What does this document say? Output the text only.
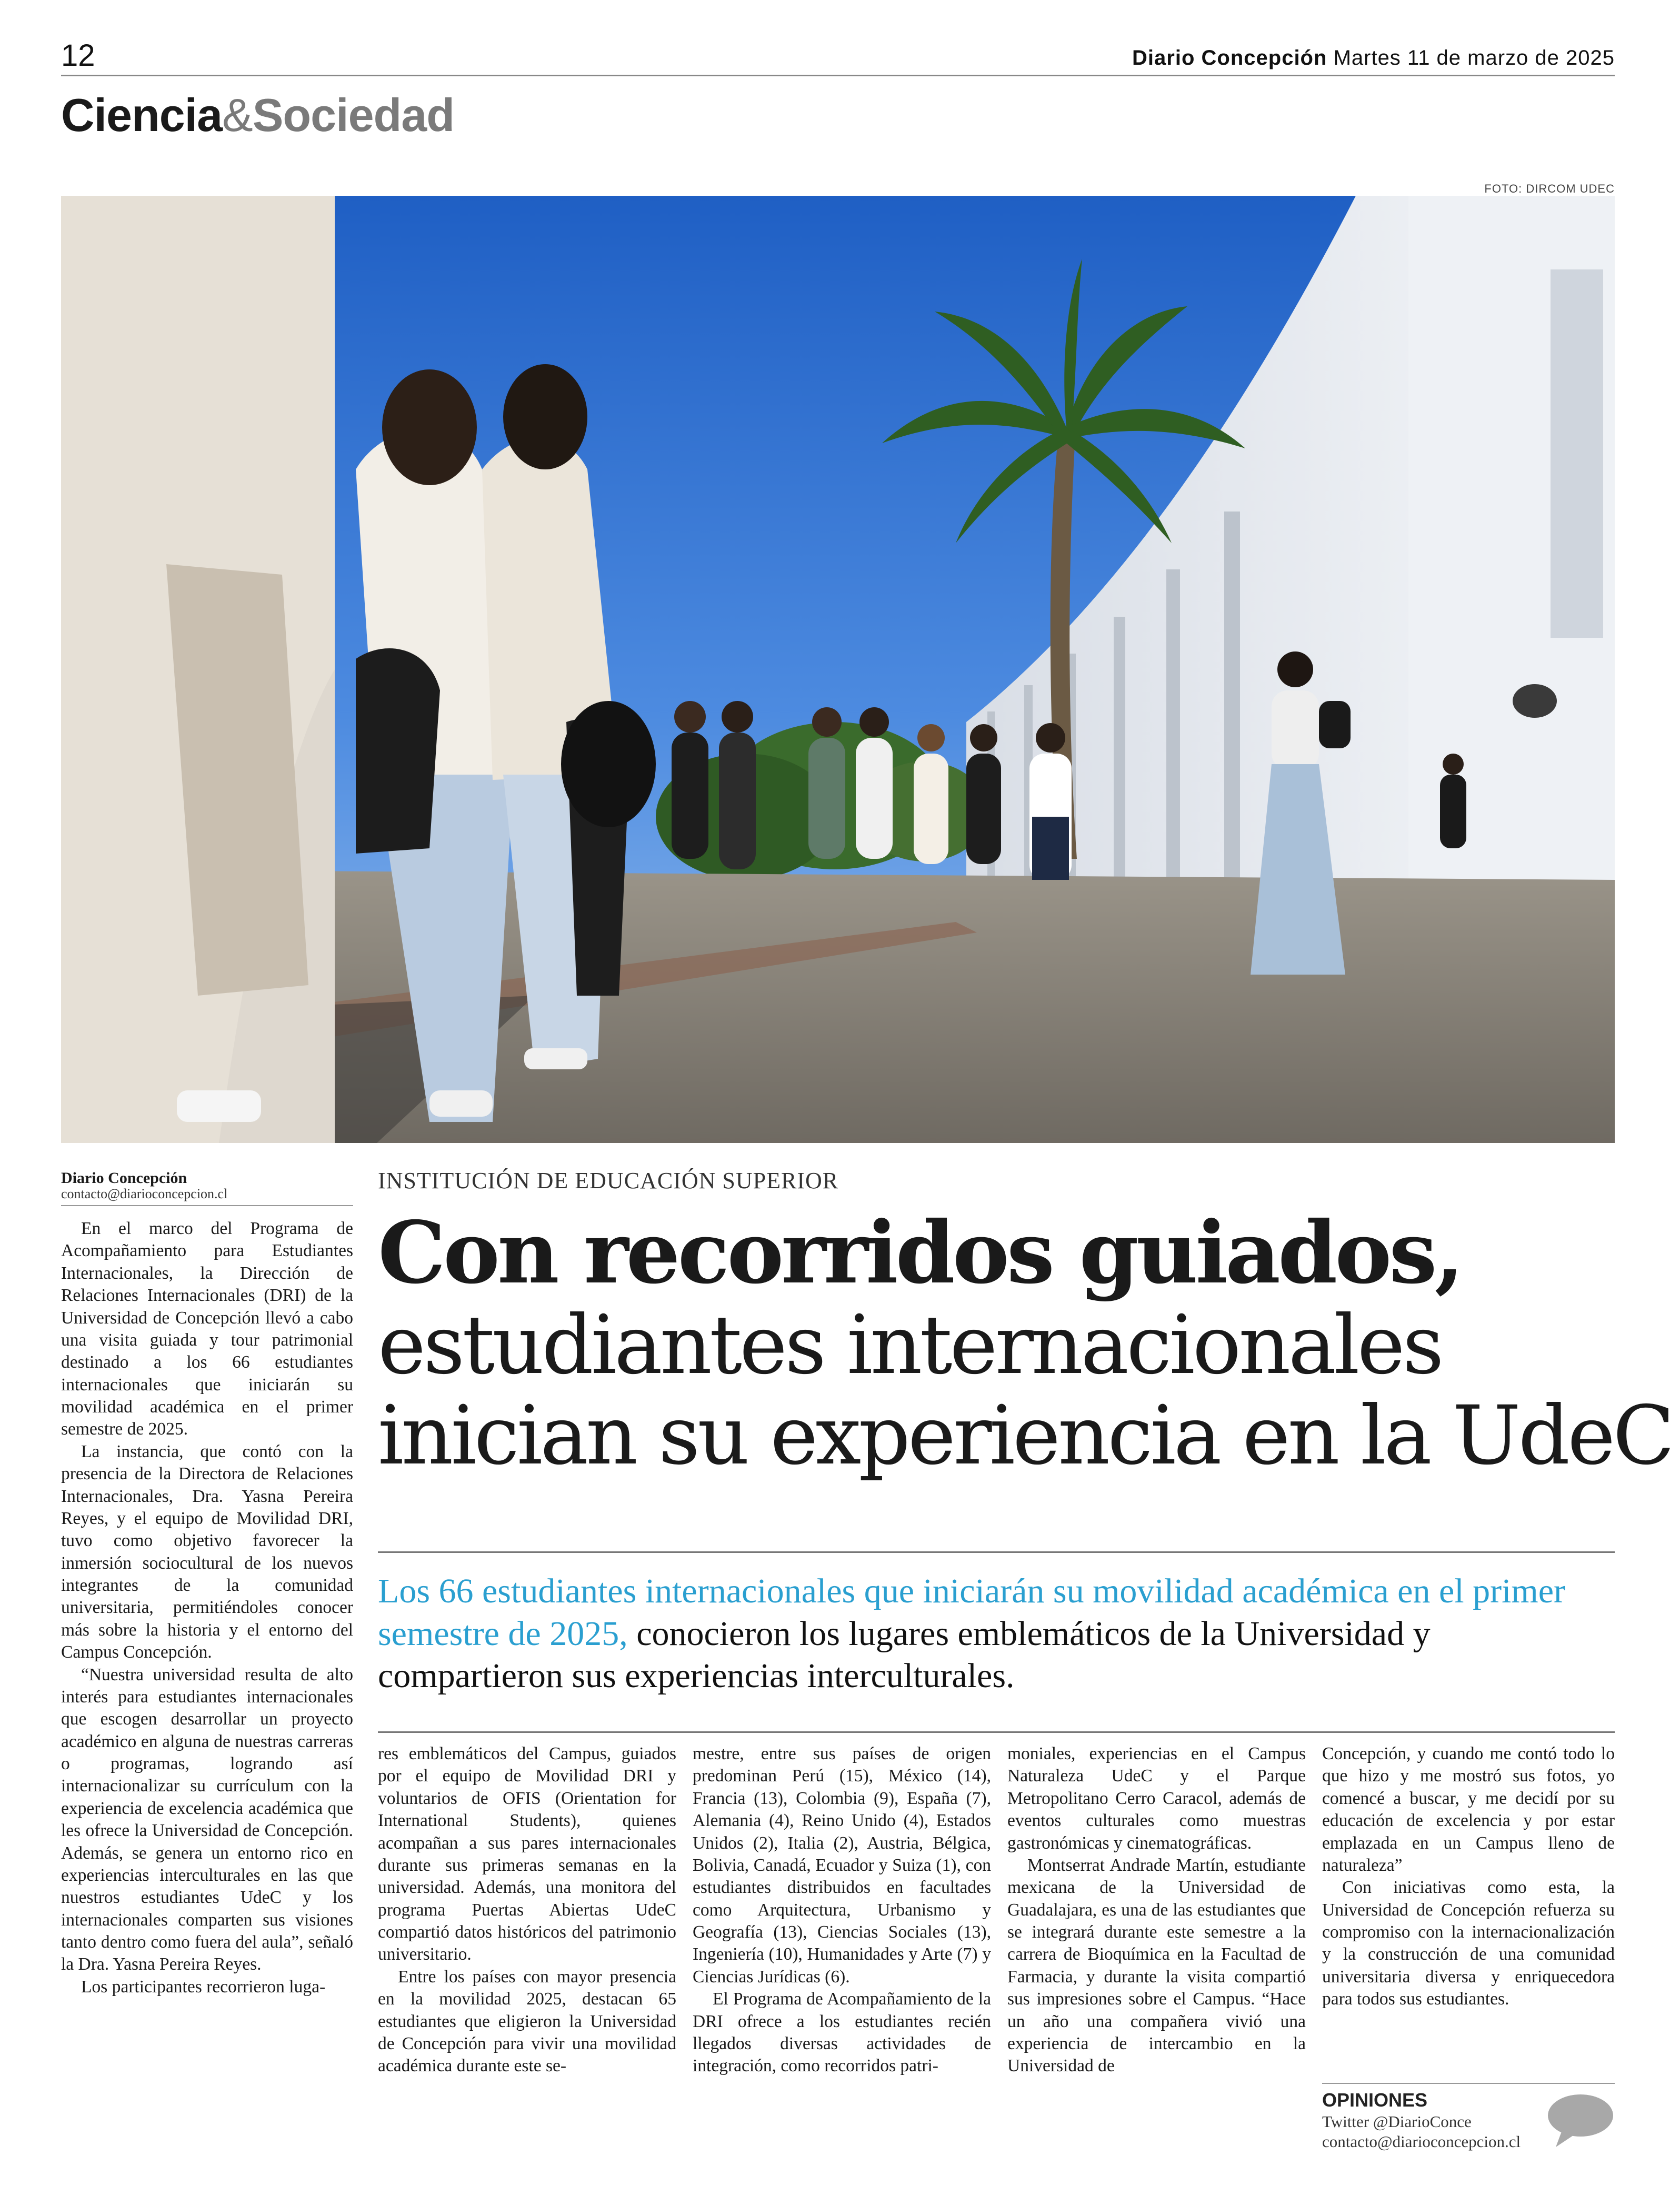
12	Diario Concepción Martes 11 de marzo de 2025
Ciencia&Sociedad
FOTO: DIRCOM UDEC
Diario Concepción
contacto@diarioconcepcion.cl

En el marco del Programa de Acompañamiento para Estudiantes Internacionales, la Dirección de Relaciones Internacionales (DRI) de la Universidad de Concepción llevó a cabo una visita guiada y tour patrimonial destinado a los 66 estudiantes internacionales que iniciarán su movilidad académica en el primer semestre de 2025.

La instancia, que contó con la presencia de la Directora de Relaciones Internacionales, Dra. Yasna Pereira Reyes, y el equipo de Movilidad DRI, tuvo como objetivo favorecer la inmersión sociocultural de los nuevos integrantes de la comunidad universitaria, permitiéndoles conocer más sobre la historia y el entorno del Campus Concepción.

“Nuestra universidad resulta de alto interés para estudiantes internacionales que escogen desarrollar un proyecto académico en alguna de nuestras carreras o programas, logrando así internacionalizar su currículum con la experiencia de excelencia académica que les ofrece la Universidad de Concepción. Además, se genera un entorno rico en experiencias interculturales en las que nuestros estudiantes UdeC y los internacionales comparten sus visiones tanto dentro como fuera del aula”, señaló la Dra. Yasna Pereira Reyes.

Los participantes recorrieron luga-

INSTITUCIÓN DE EDUCACIÓN SUPERIOR
Con recorridos guiados,
estudiantes internacionales
inician su experiencia en la UdeC
Los 66 estudiantes internacionales que iniciarán su movilidad académica en el primer semestre de 2025, conocieron los lugares emblemáticos de la Universidad y compartieron sus experiencias interculturales.

res emblemáticos del Campus, guiados por el equipo de Movilidad DRI y voluntarios de OFIS (Orientation for International Students), quienes acompañan a sus pares internacionales durante sus primeras semanas en la universidad. Además, una monitora del programa Puertas Abiertas UdeC compartió datos históricos del patrimonio universitario.

Entre los países con mayor presencia en la movilidad 2025, destacan 65 estudiantes que eligieron la Universidad de Concepción para vivir una movilidad académica durante este se-

mestre, entre sus países de origen predominan Perú (15), México (14), Francia (13), Colombia (9), España (7), Alemania (4), Reino Unido (4), Estados Unidos (2), Italia (2), Austria, Bélgica, Bolivia, Canadá, Ecuador y Suiza (1), con estudiantes distribuidos en facultades como Arquitectura, Urbanismo y Geografía (13), Ciencias Sociales (13), Ingeniería (10), Humanidades y Arte (7) y Ciencias Jurídicas (6).

El Programa de Acompañamiento de la DRI ofrece a los estudiantes recién llegados diversas actividades de integración, como recorridos patri-

moniales, experiencias en el Campus Naturaleza UdeC y el Parque Metropolitano Cerro Caracol, además de eventos culturales como muestras gastronómicas y cinematográficas.

Montserrat Andrade Martín, estudiante mexicana de la Universidad de Guadalajara, es una de las estudiantes que se integrará durante este semestre a la carrera de Bioquímica en la Facultad de Farmacia, y durante la visita compartió sus impresiones sobre el Campus. “Hace un año una compañera vivió una experiencia de intercambio en la Universidad de

Concepción, y cuando me contó todo lo que hizo y me mostró sus fotos, yo comencé a buscar, y me decidí por su educación de excelencia y por estar emplazada en un Campus lleno de naturaleza”

Con iniciativas como esta, la Universidad de Concepción refuerza su compromiso con la internacionalización y la construcción de una comunidad universitaria diversa y enriquecedora para todos sus estudiantes.

OPINIONES
Twitter @DiarioConce
contacto@diarioconcepcion.cl
